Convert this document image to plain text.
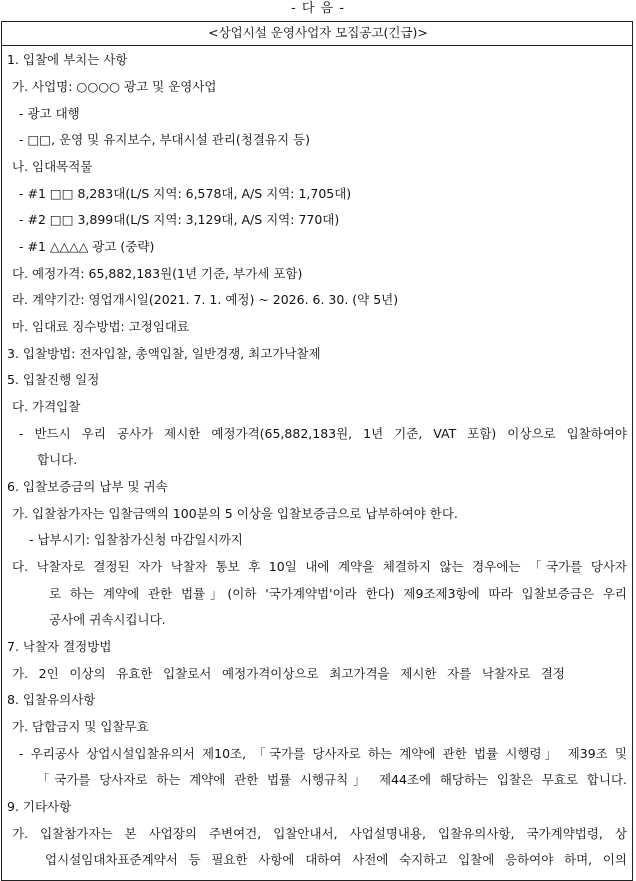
- 다 음 -
<상업시설 운영사업자 모집공고(긴급)>
1. 입찰에 부치는 사항
가. 사업명: ○○○○ 광고 및 운영사업
- 광고 대행
- □□, 운영 및 유지보수, 부대시설 관리(청결유지 등)
나. 임대목적물
- #1 □□ 8,283대(L/S 지역: 6,578대, A/S 지역: 1,705대)
- #2 □□ 3,899대(L/S 지역: 3,129대, A/S 지역: 770대)
- #1 △△△△ 광고 (중략)
다. 예정가격: 65,882,183원(1년 기준, 부가세 포함)
라. 계약기간: 영업개시일(2021. 7. 1. 예정) ~ 2026. 6. 30. (약 5년)
마. 임대료 징수방법: 고정임대료
3. 입찰방법: 전자입찰, 총액입찰, 일반경쟁, 최고가낙찰제
5. 입찰진행 일정
다. 가격입찰
- 반드시 우리 공사가 제시한 예정가격(65,882,183원, 1년 기준, VAT 포함) 이상으로 입찰하여야
합니다.
6. 입찰보증금의 납부 및 귀속
가. 입찰참가자는 입찰금액의 100분의 5 이상을 입찰보증금으로 납부하여야 한다.
- 납부시기: 입찰참가신청 마감일시까지
다. 낙찰자로 결정된 자가 낙찰자 통보 후 10일 내에 계약을 체결하지 않는 경우에는 「국가를 당사자
로 하는 계약에 관한 법률」(이하 '국가계약법'이라 한다) 제9조제3항에 따라 입찰보증금은 우리
공사에 귀속시킵니다.
7. 낙찰자 결정방법
가. 2인 이상의 유효한 입찰로서 예정가격이상으로 최고가격을 제시한 자를 낙찰자로 결정
8. 입찰유의사항
가. 담합금지 및 입찰무효
- 우리공사 상업시설입찰유의서 제10조, 「국가를 당사자로 하는 계약에 관한 법률 시행령」 제39조 및
「국가를 당사자로 하는 계약에 관한 법률 시행규칙」 제44조에 해당하는 입찰은 무효로 합니다.
9. 기타사항
가. 입찰참가자는 본 사업장의 주변여건, 입찰안내서, 사업설명내용, 입찰유의사항, 국가계약법령, 상
업시설임대차표준계약서 등 필요한 사항에 대하여 사전에 숙지하고 입찰에 응하여야 하며, 이의
